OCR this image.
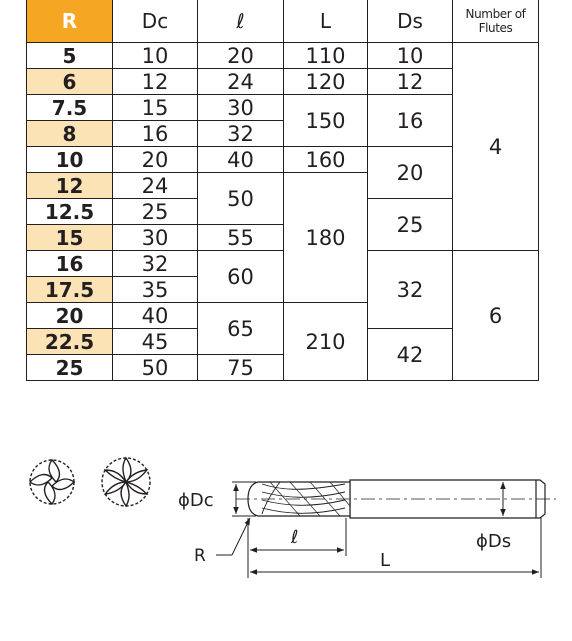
R	Dc	ℓ	L	Ds	Number of Flutes
5	10	20	110	10	4
6	12	24	120	12	
7.5	15	30	150	16	
8	16	32			
10	20	40	160	20	
12	24	50	180		
12.5	25			25	
15	30	55			
16	32	60		32	6
17.5	35				
20	40	65	210		
22.5	45			42	
25	50	75			
ϕDc
ϕDs
R
ℓ
L
